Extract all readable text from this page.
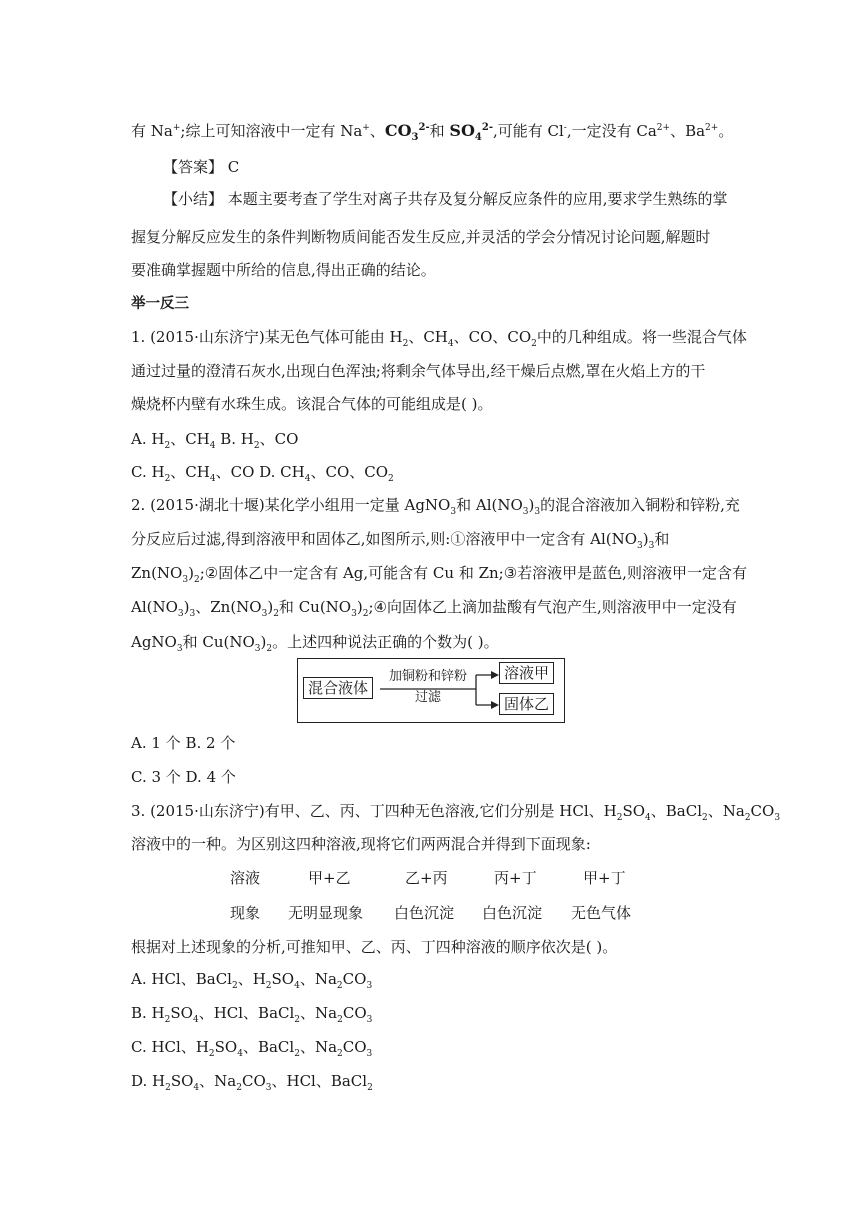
有 Na+;综上可知溶液中一定有 Na+、$CO_3^{2-}$和 $SO_4^{2-}$,可能有 Cl-,一定没有 $Ca^{2+}$、$Ba^{2+}$。
【答案】 C
【小结】 本题主要考查了学生对离子共存及复分解反应条件的应用,要求学生熟练的掌
握复分解反应发生的条件判断物质间能否发生反应,并灵活的学会分情况讨论问题,解题时
要准确掌握题中所给的信息,得出正确的结论。
举一反三
1. (2015·山东济宁)某无色气体可能由 $H_2$、$CH_4$、CO、$CO_2$中的几种组成。将一些混合气体
通过过量的澄清石灰水,出现白色浑浊;将剩余气体导出,经干燥后点燃,罩在火焰上方的干
燥烧杯内壁有水珠生成。该混合气体的可能组成是( )。
A. $H_2$、$CH_4$ B. $H_2$、CO
C. $H_2$、$CH_4$、CO D. $CH_4$、CO、$CO_2$
2. (2015·湖北十堰)某化学小组用一定量 AgNO$_3$和 $Al(NO_3)_3$的混合溶液加入铜粉和锌粉,充
分反应后过滤,得到溶液甲和固体乙,如图所示,则:①溶液甲中一定含有 $Al(NO_3)_3$和
$Zn(NO_3)_2;②$固体乙中一定含有 Ag,可能含有 Cu 和 Zn;③若溶液甲是蓝色,则溶液甲一定含有
$Al(NO_3)_3$、$Zn(NO_3)_2$和 $Cu(NO_3)_2;④$向固体乙上滴加盐酸有气泡产生,则溶液甲中一定没有
AgNO$_3$和 $Cu(NO_3)_2$。上述四种说法正确的个数为( )。
混合液体
加铜粉和锌粉
过滤
溶液甲
固体乙
A. 1 个 B. 2 个
C. 3 个 D. 4 个
3. (2015·山东济宁)有甲、乙、丙、丁四种无色溶液,它们分别是 HCl、$H_2SO_4$、BaCl$_2$、$Na_2CO_3$
溶液中的一种。为区别这四种溶液,现将它们两两混合并得到下面现象:
溶液	甲+乙	乙+丙	丙+丁	甲+丁
现象 无明显现象 白色沉淀 白色沉淀 无色气体
根据对上述现象的分析,可推知甲、乙、丙、丁四种溶液的顺序依次是( )。
A. HCl、BaCl$_2$、$H_2SO_4$、$Na_2CO_3$
B. $H_2SO_4$、HCl、BaCl$_2$、$Na_2CO_3$
C. HCl、$H_2SO_4$、BaCl$_2$、$Na_2CO_3$
D. $H_2SO_4$、$Na_2CO_3$、HCl、BaCl$_2$
